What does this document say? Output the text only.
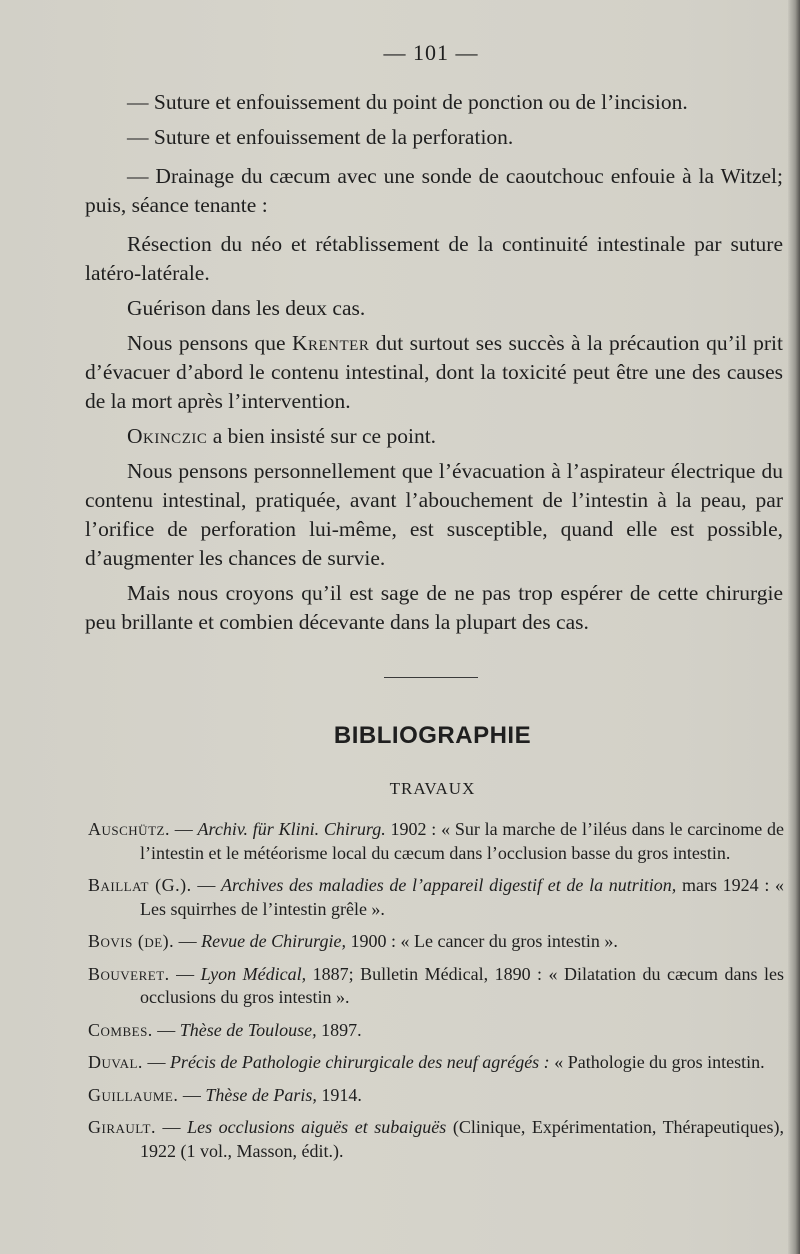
— 101 —

— Suture et enfouissement du point de ponction ou de l’incision.

— Suture et enfouissement de la perforation.

— Drainage du cæcum avec une sonde de caoutchouc enfouie à la Witzel; puis, séance tenante :

Résection du néo et rétablissement de la continuité intestinale par suture latéro-latérale.

Guérison dans les deux cas.

Nous pensons que Krenter dut surtout ses succès à la précaution qu’il prit d’évacuer d’abord le contenu intestinal, dont la toxicité peut être une des causes de la mort après l’intervention.

Okinczic a bien insisté sur ce point.

Nous pensons personnellement que l’évacuation à l’aspirateur électrique du contenu intestinal, pratiquée, avant l’abouchement de l’intestin à la peau, par l’orifice de perforation lui-même, est susceptible, quand elle est possible, d’augmenter les chances de survie.

Mais nous croyons qu’il est sage de ne pas trop espérer de cette chirurgie peu brillante et combien décevante dans la plupart des cas.

BIBLIOGRAPHIE
TRAVAUX

Auschütz. — Archiv. für Klini. Chirurg. 1902 : « Sur la marche de l’iléus dans le carcinome de l’intestin et le météorisme local du cæcum dans l’occlusion basse du gros intestin.

Baillat (G.). — Archives des maladies de l’appareil digestif et de la nutrition, mars 1924 : « Les squirrhes de l’intestin grêle ».

Bovis (de). — Revue de Chirurgie, 1900 : « Le cancer du gros intestin ».

Bouveret. — Lyon Médical, 1887; Bulletin Médical, 1890 : « Dilatation du cæcum dans les occlusions du gros intestin ».

Combes. — Thèse de Toulouse, 1897.

Duval. — Précis de Pathologie chirurgicale des neuf agrégés : « Pathologie du gros intestin.

Guillaume. — Thèse de Paris, 1914.

Girault. — Les occlusions aiguës et subaiguës (Clinique, Expérimentation, Thérapeutiques), 1922 (1 vol., Masson, édit.).
